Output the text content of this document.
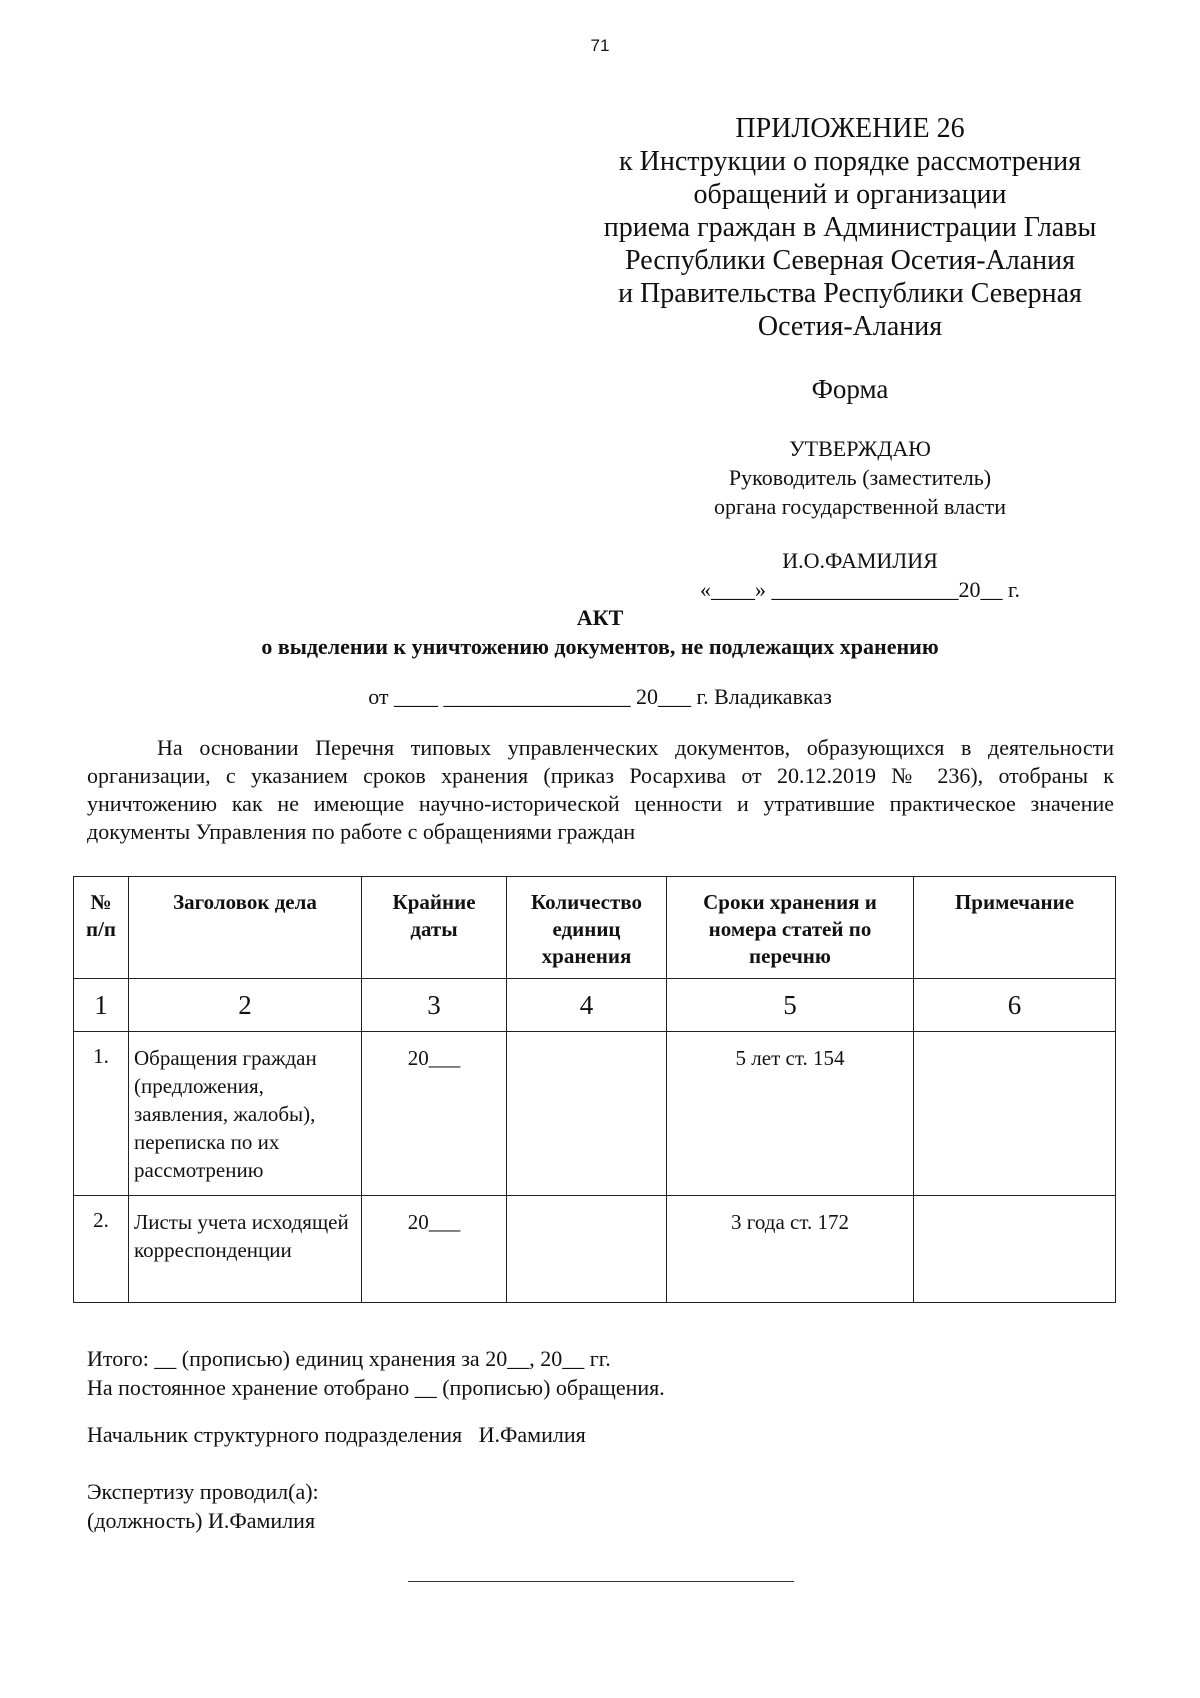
71
ПРИЛОЖЕНИЕ 26
к Инструкции о порядке рассмотрения
обращений и организации
приема граждан в Администрации Главы
Республики Северная Осетия-Алания
и Правительства Республики Северная
Осетия-Алания
Форма
УТВЕРЖДАЮ
Руководитель (заместитель)
органа государственной власти
И.О.ФАМИЛИЯ
«____» _________________20__ г.
АКТ
о выделении к уничтожению документов, не подлежащих хранению
от ____ _________________ 20___ г. Владикавказ

На основании Перечня типовых управленческих документов, образующихся в деятельности организации, с указанием сроков хранения (приказ Росархива от 20.12.2019 № 236), отобраны к уничтожению как не имеющие научно-исторической ценности и утратившие практическое значение документы Управления по работе с обращениями граждан

№ п/п	Заголовок дела	Крайние даты	Количество единиц хранения	Сроки хранения и номера статей по перечню	Примечание
1	2	3	4	5	6
1.	Обращения граждан (предложения, заявления, жалобы), переписка по их рассмотрению	20___		5 лет ст. 154	
2.	Листы учета исходящей корреспонденции	20___		3 года ст. 172	
Итого: __ (прописью) единиц хранения за 20__, 20__ гг.
На постоянное хранение отобрано __ (прописью) обращения.
Начальник структурного подразделения   И.Фамилия
Экспертизу проводил(а):
(должность) И.Фамилия
